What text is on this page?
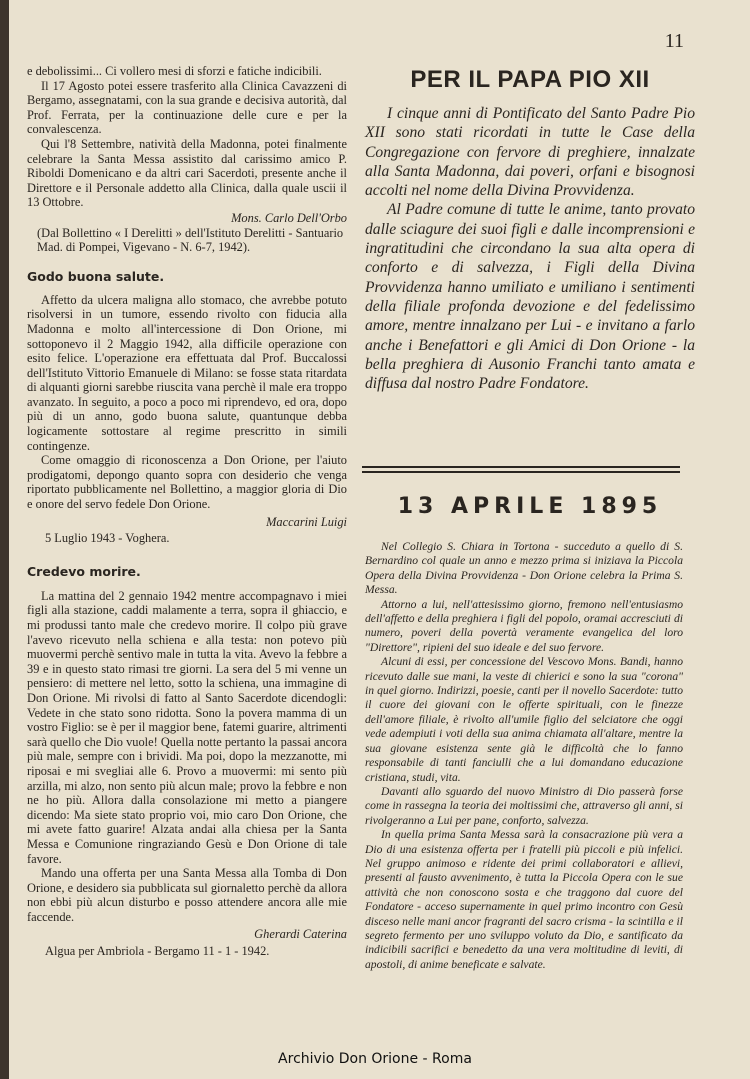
11

e debolissimi... Ci vollero mesi di sforzi e fatiche indicibili.

Il 17 Agosto potei essere trasferito alla Clinica Cavazzeni di Bergamo, assegnatami, con la sua grande e decisiva autorità, dal Prof. Ferrata, per la continuazione delle cure e per la convalescenza.

Qui l'8 Settembre, natività della Madonna, potei finalmente celebrare la Santa Messa assistito dal carissimo amico P. Riboldi Domenicano e da altri cari Sacerdoti, presente anche il Direttore e il Personale addetto alla Clinica, dalla quale uscii il 13 Ottobre.

Mons. Carlo Dell'Orbo

(Dal Bollettino « I Derelitti » dell'Istituto Derelitti - Santuario Mad. di Pompei, Vigevano - N. 6-7, 1942).

Godo buona salute.

Affetto da ulcera maligna allo stomaco, che avrebbe potuto risolversi in un tumore, essendo rivolto con fiducia alla Madonna e molto all'intercessione di Don Orione, mi sottoponevo il 2 Maggio 1942, alla difficile operazione con esito felice. L'operazione era effettuata dal Prof. Buccalossi dell'Istituto Vittorio Emanuele di Milano: se fosse stata ritardata di alquanti giorni sarebbe riuscita vana perchè il male era troppo avanzato. In seguito, a poco a poco mi riprendevo, ed ora, dopo più di un anno, godo buona salute, quantunque debba logicamente sottostare al regime prescritto in simili contingenze.

Come omaggio di riconoscenza a Don Orione, per l'aiuto prodigatomi, depongo quanto sopra con desiderio che venga riportato pubblicamente nel Bollettino, a maggior gloria di Dio e onore del servo fedele Don Orione.

Maccarini Luigi

5 Luglio 1943 - Voghera.

Credevo morire.

La mattina del 2 gennaio 1942 mentre accompagnavo i miei figli alla stazione, caddi malamente a terra, sopra il ghiaccio, e mi produssi tanto male che credevo morire. Il colpo più grave l'avevo ricevuto nella schiena e alla testa: non potevo più muovermi perchè sentivo male in tutta la vita. Avevo la febbre a 39 e in questo stato rimasi tre giorni. La sera del 5 mi venne un pensiero: di mettere nel letto, sotto la schiena, una immagine di Don Orione. Mi rivolsi di fatto al Santo Sacerdote dicendogli: Vedete in che stato sono ridotta. Sono la povera mamma di un vostro Figlio: se è per il maggior bene, fatemi guarire, altrimenti sarà quello che Dio vuole! Quella notte pertanto la passai ancora più male, sempre con i brividi. Ma poi, dopo la mezzanotte, mi riposai e mi svegliai alle 6. Provo a muovermi: mi sento più arzilla, mi alzo, non sento più alcun male; provo la febbre e non ne ho più. Allora dalla consolazione mi metto a piangere dicendo: Ma siete stato proprio voi, mio caro Don Orione, che mi avete fatto guarire! Alzata andai alla chiesa per la Santa Messa e Comunione ringraziando Gesù e Don Orione di tale favore.

Mando una offerta per una Santa Messa alla Tomba di Don Orione, e desidero sia pubblicata sul giornaletto perchè da allora non ebbi più alcun disturbo e posso attendere ancora alle mie faccende.

Gherardi Caterina

Algua per Ambriola - Bergamo 11 - 1 - 1942.

PER IL PAPA PIO XII

I cinque anni di Pontificato del Santo Padre Pio XII sono stati ricordati in tutte le Case della Congregazione con fervore di preghiere, innalzate alla Santa Madonna, dai poveri, orfani e bisognosi accolti nel nome della Divina Provvidenza.

Al Padre comune di tutte le anime, tanto provato dalle sciagure dei suoi figli e dalle incomprensioni e ingratitudini che circondano la sua alta opera di conforto e di salvezza, i Figli della Divina Provvidenza hanno umiliato e umiliano i sentimenti della filiale profonda devozione e del fedelissimo amore, mentre innalzano per Lui - e invitano a farlo anche i Benefattori e gli Amici di Don Orione - la bella preghiera di Ausonio Franchi tanto amata e diffusa dal nostro Padre Fondatore.

13 APRILE 1895

Nel Collegio S. Chiara in Tortona - succeduto a quello di S. Bernardino col quale un anno e mezzo prima si iniziava la Piccola Opera della Divina Provvidenza - Don Orione celebra la Prima S. Messa.

Attorno a lui, nell'attesissimo giorno, fremono nell'entusiasmo dell'affetto e della preghiera i figli del popolo, oramai accresciuti di numero, poveri della povertà veramente evangelica del loro "Direttore", ripieni del suo ideale e del suo fervore.

Alcuni di essi, per concessione del Vescovo Mons. Bandi, hanno ricevuto dalle sue mani, la veste di chierici e sono la sua "corona" in quel giorno. Indirizzi, poesie, canti per il novello Sacerdote: tutto il cuore dei giovani con le offerte spirituali, con le finezze dell'amore filiale, è rivolto all'umile figlio del selciatore che oggi vede adempiuti i voti della sua anima chiamata all'altare, mentre la sua giovane esistenza sente già le difficoltà che lo fanno responsabile di tanti fanciulli che a lui domandano educazione cristiana, studi, vita.

Davanti allo sguardo del nuovo Ministro di Dio passerà forse come in rassegna la teoria dei moltissimi che, attraverso gli anni, si rivolgeranno a Lui per pane, conforto, salvezza.

In quella prima Santa Messa sarà la consacrazione più vera a Dio di una esistenza offerta per i fratelli più piccoli e più infelici. Nel gruppo animoso e ridente dei primi collaboratori e allievi, presenti al fausto avvenimento, è tutta la Piccola Opera con le sue attività che non conoscono sosta e che traggono dal cuore del Fondatore - acceso supernamente in quel primo incontro con Gesù disceso nelle mani ancor fragranti del sacro crisma - la scintilla e il segreto fermento per uno sviluppo voluto da Dio, e santificato da indicibili sacrifici e benedetto da una vera moltitudine di leviti, di apostoli, di anime beneficate e salvate.

Archivio Don Orione - Roma
